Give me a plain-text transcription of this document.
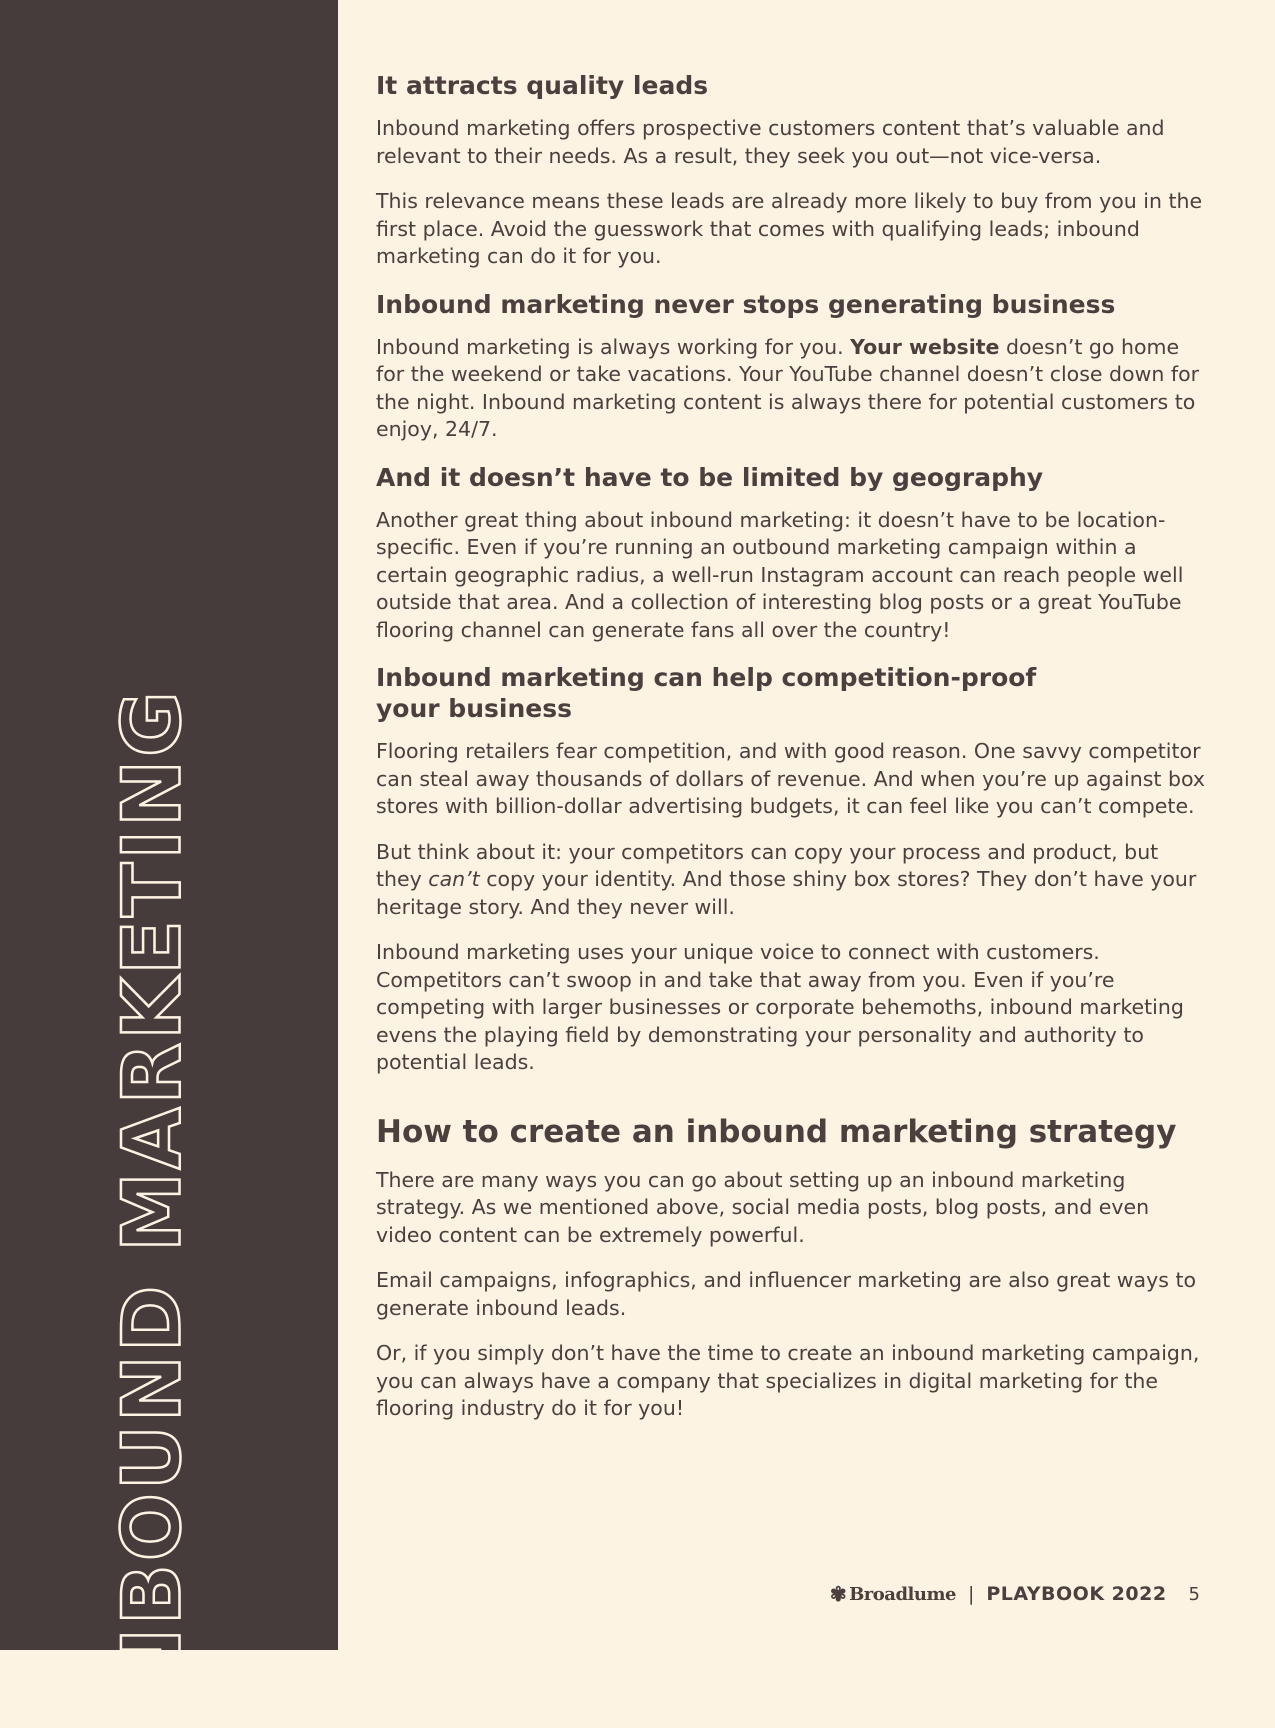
INBOUND MARKETING
It attracts quality leads

Inbound marketing offers prospective customers content that’s valuable and relevant to their needs. As a result, they seek you out—not vice-versa.

This relevance means these leads are already more likely to buy from you in the first place. Avoid the guesswork that comes with qualifying leads; inbound marketing can do it for you.

Inbound marketing never stops generating business

Inbound marketing is always working for you. Your website doesn’t go home for the weekend or take vacations. Your YouTube channel doesn’t close down for the night. Inbound marketing content is always there for potential customers to enjoy, 24/7.

And it doesn’t have to be limited by geography

Another great thing about inbound marketing: it doesn’t have to be location-specific. Even if you’re running an outbound marketing campaign within a certain geographic radius, a well-run Instagram account can reach people well outside that area. And a collection of interesting blog posts or a great YouTube flooring channel can generate fans all over the country!

Inbound marketing can help competition-proof your business

Flooring retailers fear competition, and with good reason. One savvy competitor can steal away thousands of dollars of revenue. And when you’re up against box stores with billion-dollar advertising budgets, it can feel like you can’t compete.

But think about it: your competitors can copy your process and product, but they can’t copy your identity. And those shiny box stores? They don’t have your heritage story. And they never will.

Inbound marketing uses your unique voice to connect with customers. Competitors can’t swoop in and take that away from you. Even if you’re competing with larger businesses or corporate behemoths, inbound marketing evens the playing field by demonstrating your personality and authority to potential leads.

How to create an inbound marketing strategy

There are many ways you can go about setting up an inbound marketing strategy. As we mentioned above, social media posts, blog posts, and even video content can be extremely powerful.

Email campaigns, infographics, and influencer marketing are also great ways to generate inbound leads.

Or, if you simply don’t have the time to create an inbound marketing campaign, you can always have a company that specializes in digital marketing for the flooring industry do it for you!

✾ Broadlume | PLAYBOOK 2022 5
